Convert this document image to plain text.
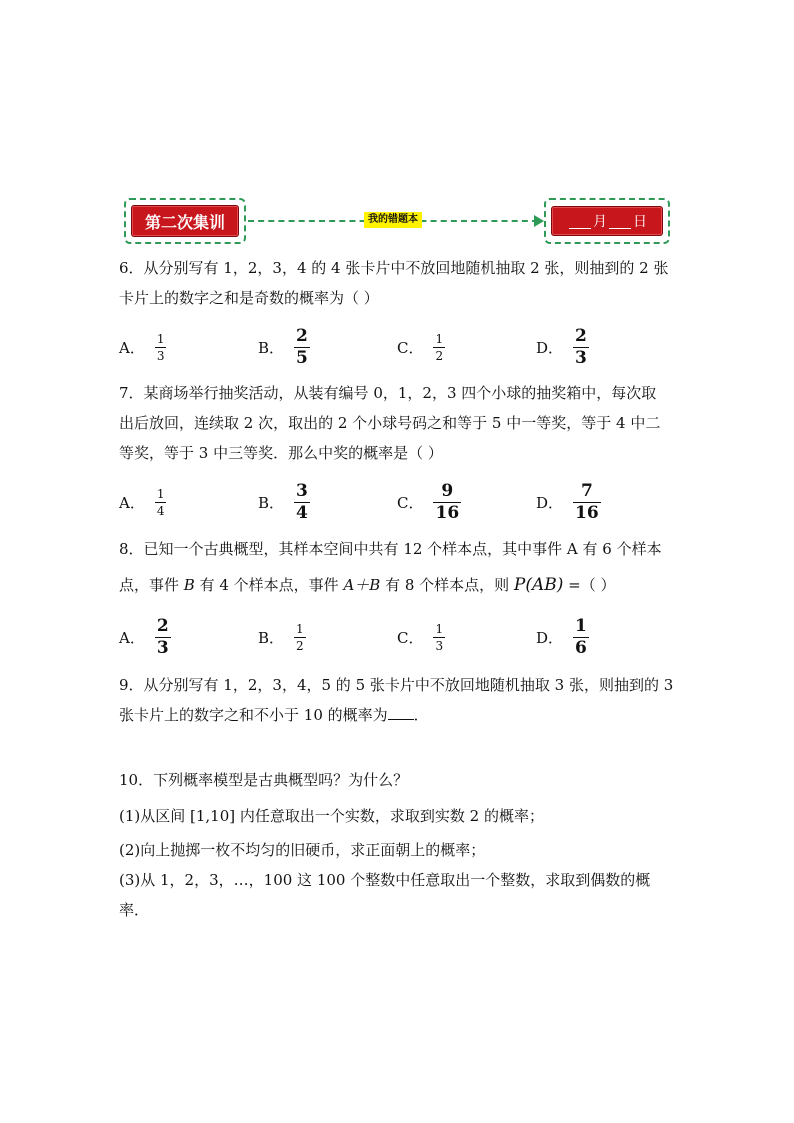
第二次集训	我的错题本	月 日
6．从分别写有 1，2，3，4 的 4 张卡片中不放回地随机抽取 2 张，则抽到的 2 张
卡片上的数字之和是奇数的概率为（ ）
A． $\frac{1}{3}$	B． $\frac{2}{5}$	C． $\frac{1}{2}$	D． $\frac{2}{3}$
7．某商场举行抽奖活动，从装有编号 0，1，2，3 四个小球的抽奖箱中，每次取
出后放回，连续取 2 次，取出的 2 个小球号码之和等于 5 中一等奖，等于 4 中二
等奖，等于 3 中三等奖．那么中奖的概率是（ ）
A． $\frac{1}{4}$	B． $\frac{3}{4}$	C． $\frac{9}{16}$	D． $\frac{7}{16}$
8．已知一个古典概型，其样本空间中共有 12 个样本点，其中事件 A 有 6 个样本
点，事件 B 有 4 个样本点，事件 A＋B 有 8 个样本点，则 P(AB) =（ ）
A． $\frac{2}{3}$	B． $\frac{1}{2}$	C． $\frac{1}{3}$	D． $\frac{1}{6}$
9．从分别写有 1，2，3，4，5 的 5 张卡片中不放回地随机抽取 3 张，则抽到的 3
张卡片上的数字之和不小于 10 的概率为 ．
10．下列概率模型是古典概型吗？为什么？
(1)从区间 [1,10] 内任意取出一个实数，求取到实数 2 的概率；
(2)向上抛掷一枚不均匀的旧硬币，求正面朝上的概率；
(3)从 1，2，3，…，100 这 100 个整数中任意取出一个整数，求取到偶数的概
率．
